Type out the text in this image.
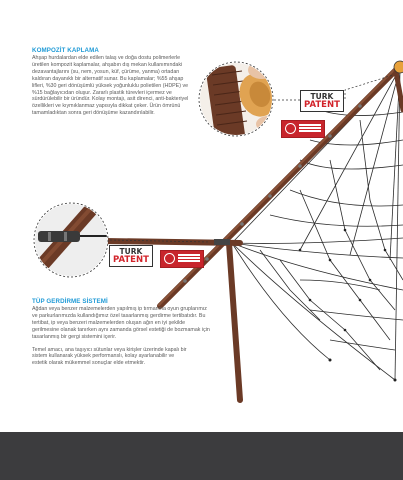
KOMPOZİT KAPLAMA

Ahşap hurdalardan elde edilen talaş ve doğa dostu polimerlerle üretilen kompozit kaplamalar, ahşabın dış mekan kullanımındaki dezavantajlarını (su, nem, yosun, küf, çürüme, yanma) ortadan kaldıran dayanıklı bir alternatif sunar. Bu kaplamalar; %55 ahşap lifleri, %30 geri dönüşümlü yüksek yoğunluklu polietilen (HDPE) ve %15 bağlayıcıdan oluşur. Zararlı plastik türevleri içermez ve sürdürülebilir bir üründür. Kolay montajı, asit direnci, anti-bakteriyel özellikleri ve kıymıklanmaz yapısıyla dikkat çeker. Ürün ömrünü tamamladıktan sonra geri dönüşüme kazandırılabilir.

TÜP GERDİRME SİSTEMİ

Ağdan veya benzer malzemelerden yapılmış ip tırmanma oyun gruplarımız ve parkurlarımızda kullandığımız özel tasarlanmış gerdirme tertibatıdır. Bu tertibat, ip veya benzeri malzemelerden oluşan ağın en iyi şekilde gerilmesine olanak tanırken aynı zamanda görsel estetiği de bozmamak için tasarlanmış bir gergi sistemini içerir.

Temel amacı, ana taşıyıcı sütunlar veya kirişler üzerinde kapalı bir sistem kullanarak yüksek performanslı, kolay ayarlanabilir ve estetik olarak mükemmel sonuçlar elde etmektir.

TURK
PATENT
TURK
PATENT
